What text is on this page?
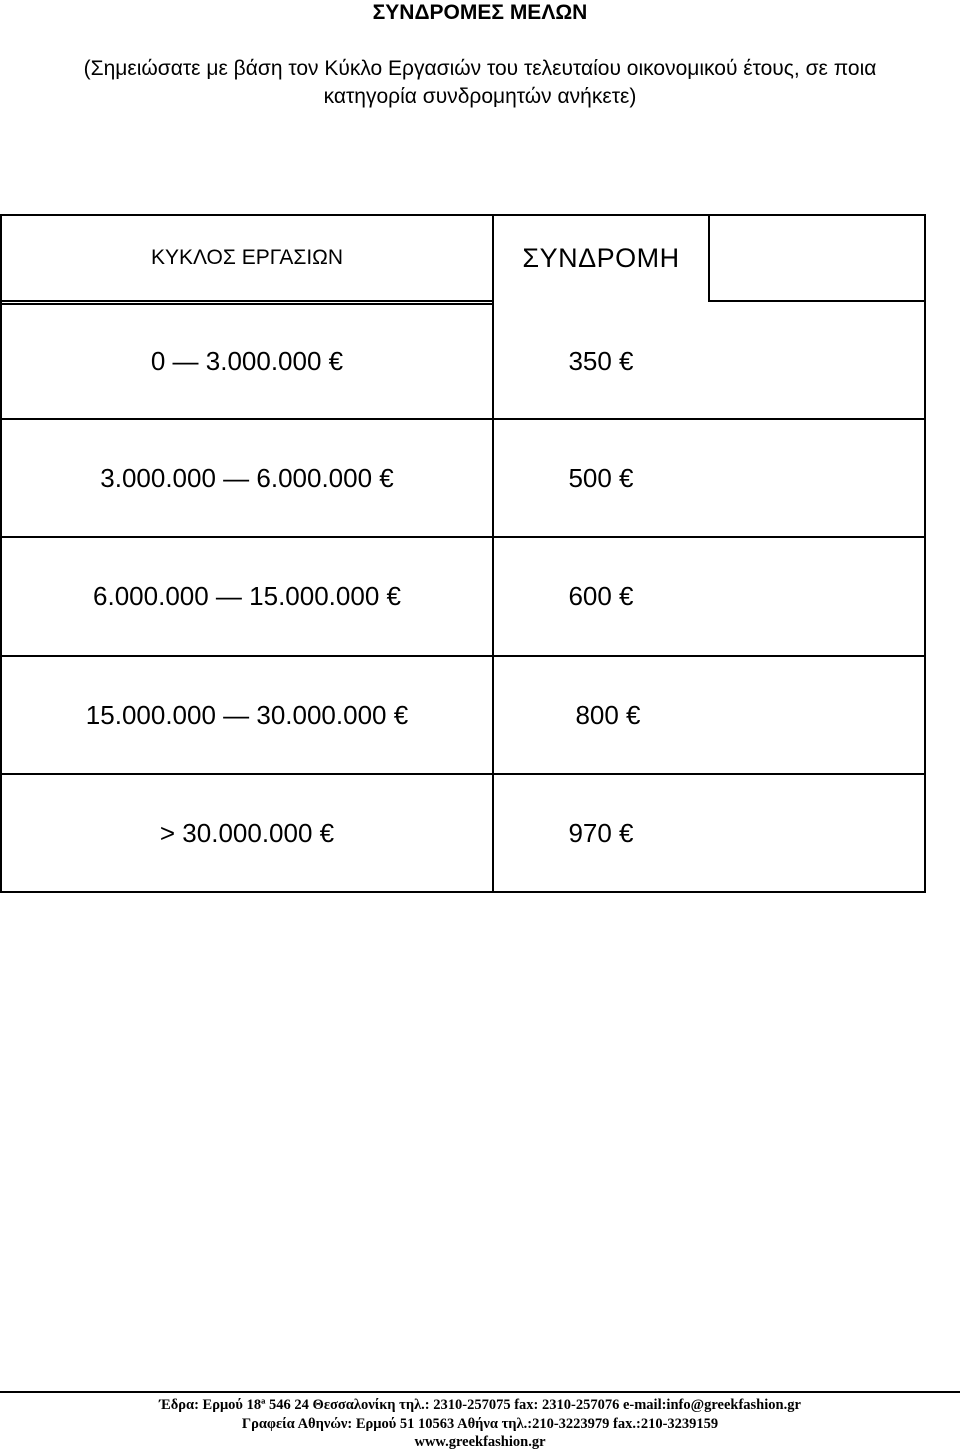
ΣΥΝΔΡΟΜΕΣ ΜΕΛΩΝ
(Σημειώσατε με βάση τον Κύκλο Εργασιών του τελευταίου οικονομικού έτους, σε ποια
κατηγορία συνδρομητών ανήκετε)
ΚΥΚΛΟΣ ΕΡΓΑΣΙΩΝ	ΣΥΝΔΡΟΜΗ
0 — 3.000.000 €	350 €
3.000.000 — 6.000.000 €	500 €
6.000.000 — 15.000.000 €	600 €
15.000.000 — 30.000.000 €	800 €
> 30.000.000 €	970 €
Έδρα: Ερμού 18ª 546 24 Θεσσαλονίκη τηλ.: 2310-257075 fax: 2310-257076 e-mail:info@greekfashion.gr
Γραφεία Αθηνών: Ερμού 51 10563 Αθήνα τηλ.:210-3223979 fax.:210-3239159
www.greekfashion.gr
